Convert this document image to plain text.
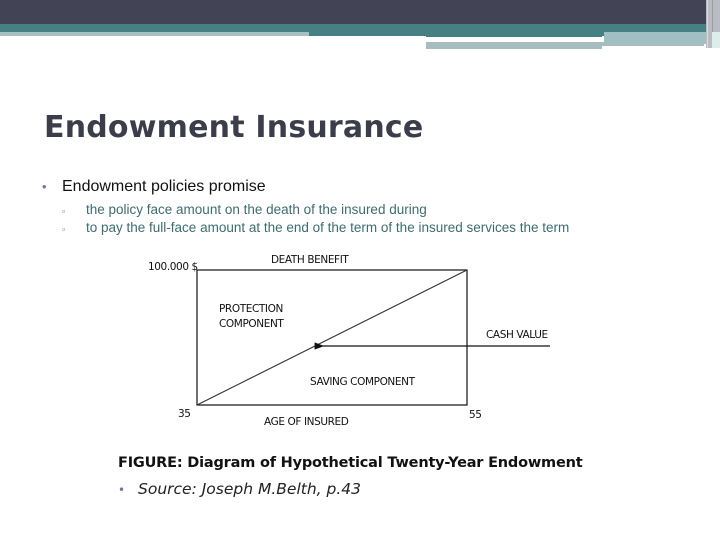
Endowment Insurance
• Endowment policies promise
▫ the policy face amount on the death of the insured during
▫ to pay the full-face amount at the end of the term of the insured services the term
100.000 $
DEATH BENEFIT
PROTECTION
COMPONENT
CASH VALUE
SAVING COMPONENT
35	55
AGE OF INSURED
FIGURE: Diagram of Hypothetical Twenty-Year Endowment
• Source: Joseph M.Belth, p.43
